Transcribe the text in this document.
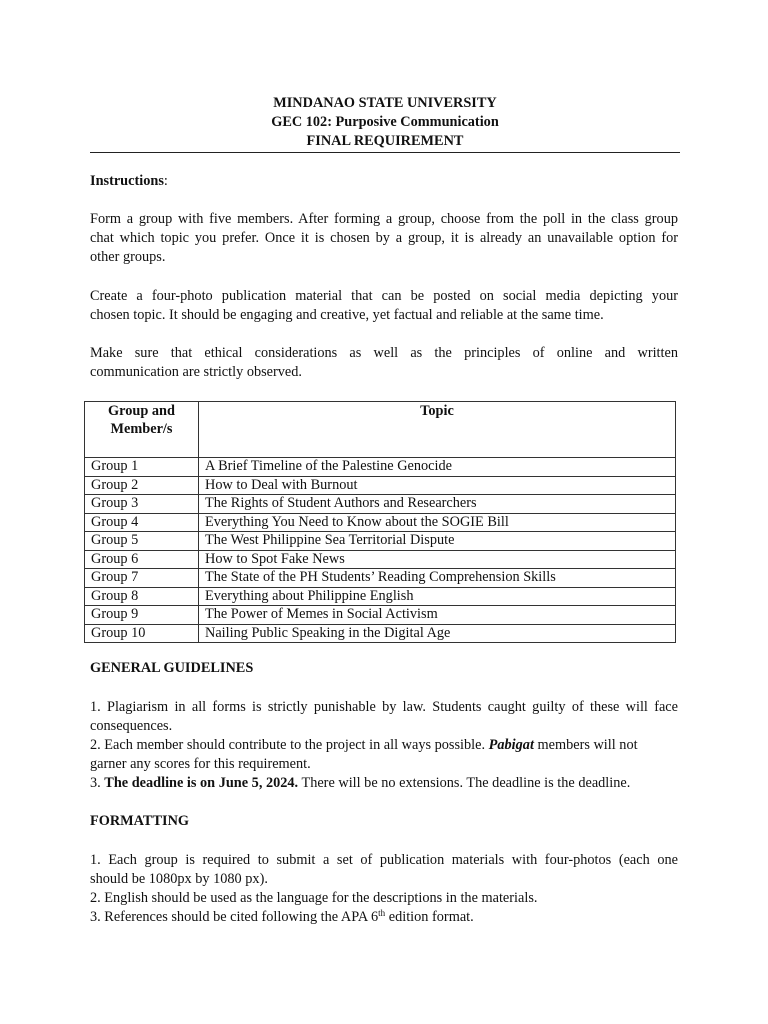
MINDANAO STATE UNIVERSITY
GEC 102: Purposive Communication
FINAL REQUIREMENT
Instructions:
Form a group with five members. After forming a group, choose from the poll in the class group
chat which topic you prefer. Once it is chosen by a group, it is already an unavailable option for
other groups.
Create a four-photo publication material that can be posted on social media depicting your
chosen topic. It should be engaging and creative, yet factual and reliable at the same time.
Make sure that ethical considerations as well as the principles of online and written
communication are strictly observed.
Group and Member/s	Topic
Group 1	A Brief Timeline of the Palestine Genocide
Group 2	How to Deal with Burnout
Group 3	The Rights of Student Authors and Researchers
Group 4	Everything You Need to Know about the SOGIE Bill
Group 5	The West Philippine Sea Territorial Dispute
Group 6	How to Spot Fake News
Group 7	The State of the PH Students’ Reading Comprehension Skills
Group 8	Everything about Philippine English
Group 9	The Power of Memes in Social Activism
Group 10	Nailing Public Speaking in the Digital Age
GENERAL GUIDELINES
1. Plagiarism in all forms is strictly punishable by law. Students caught guilty of these will face
consequences.

2. Each member should contribute to the project in all ways possible. Pabigat members will not

garner any scores for this requirement.

3. The deadline is on June 5, 2024. There will be no extensions. The deadline is the deadline.

FORMATTING
1. Each group is required to submit a set of publication materials with four-photos (each one
should be 1080px by 1080 px).

2. English should be used as the language for the descriptions in the materials.

3. References should be cited following the APA 6th edition format.
